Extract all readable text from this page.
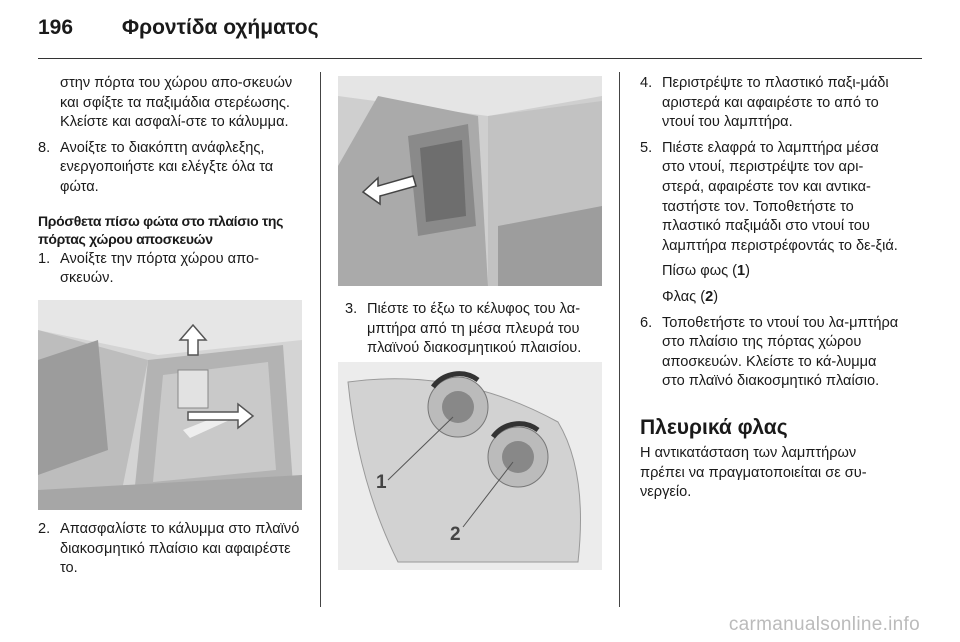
196 Φροντίδα οχήματος

στην πόρτα του χώρου απο-σκευών και σφίξτε τα παξιμάδια στερέωσης. Κλείστε και ασφαλί-στε το κάλυμμα.

8. Ανοίξτε το διακόπτη ανάφλεξης, ενεργοποιήστε και ελέγξτε όλα τα φώτα.
Πρόσθετα πίσω φώτα στο πλαίσιο της πόρτας χώρου αποσκευών
1. Ανοίξτε την πόρτα χώρου απο-σκευών.
2. Απασφαλίστε το κάλυμμα στο πλαϊνό διακοσμητικό πλαίσιο και αφαιρέστε το.
3. Πιέστε το έξω το κέλυφος του λα-μπτήρα από τη μέσα πλευρά του πλαϊνού διακοσμητικού πλαισίου.
1
2
4. Περιστρέψτε το πλαστικό παξι-μάδι αριστερά και αφαιρέστε το από το ντουί του λαμπτήρα.
5. Πιέστε ελαφρά το λαμπτήρα μέσα στο ντουί, περιστρέψτε τον αρι-στερά, αφαιρέστε τον και αντικα-ταστήστε τον. Τοποθετήστε το πλαστικό παξιμάδι στο ντουί του λαμπτήρα περιστρέφοντάς το δε-ξιά.

Πίσω φως (1)

Φλας (2)

6. Τοποθετήστε το ντουί του λα-μπτήρα στο πλαίσιο της πόρτας χώρου αποσκευών. Κλείστε το κά-λυμμα στο πλαϊνό διακοσμητικό πλαίσιο.
Πλευρικά φλας

Η αντικατάσταση των λαμπτήρων πρέπει να πραγματοποιείται σε συ-νεργείο.

carmanualsonline.info
